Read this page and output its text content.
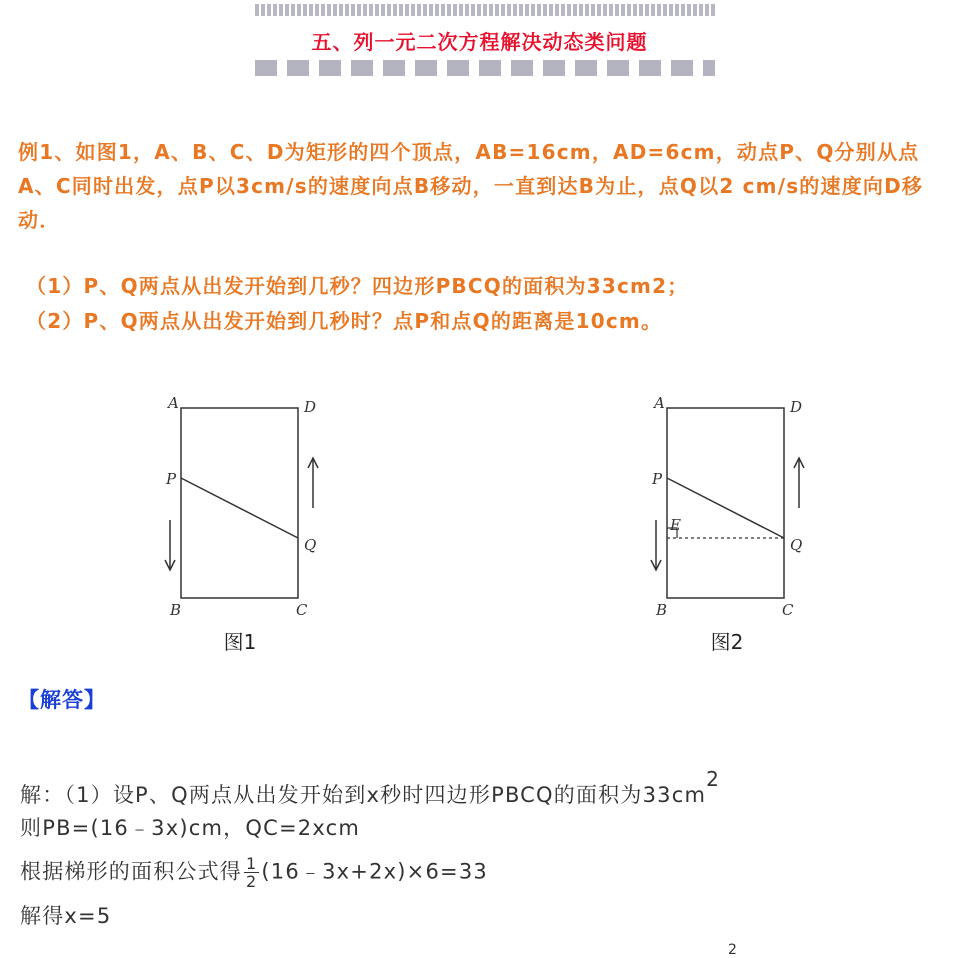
五、列一元二次方程解决动态类问题

例1、如图1，A、B、C、D为矩形的四个顶点，AB=16cm，AD=6cm，动点P、Q分别从点A、C同时出发，点P以3cm/s的速度向点B移动，一直到达B为止，点Q以2 cm/s的速度向D移动．

（1）P、Q两点从出发开始到几秒？四边形PBCQ的面积为33cm2；

（2）P、Q两点从出发开始到几秒时？点P和点Q的距离是10cm。

A	D
P
Q
B	C
图1
A	D
P
E
Q
B	C
图2
【解答】

解：（1）设P、Q两点从出发开始到x秒时四边形PBCQ的面积为$33cm^2$

则PB=(16﹣3x)cm，QC=2xcm

根据梯形的面积公式得 $\frac{1}{2}$ (16﹣3x+2x)×6=33

解得x=5

2
